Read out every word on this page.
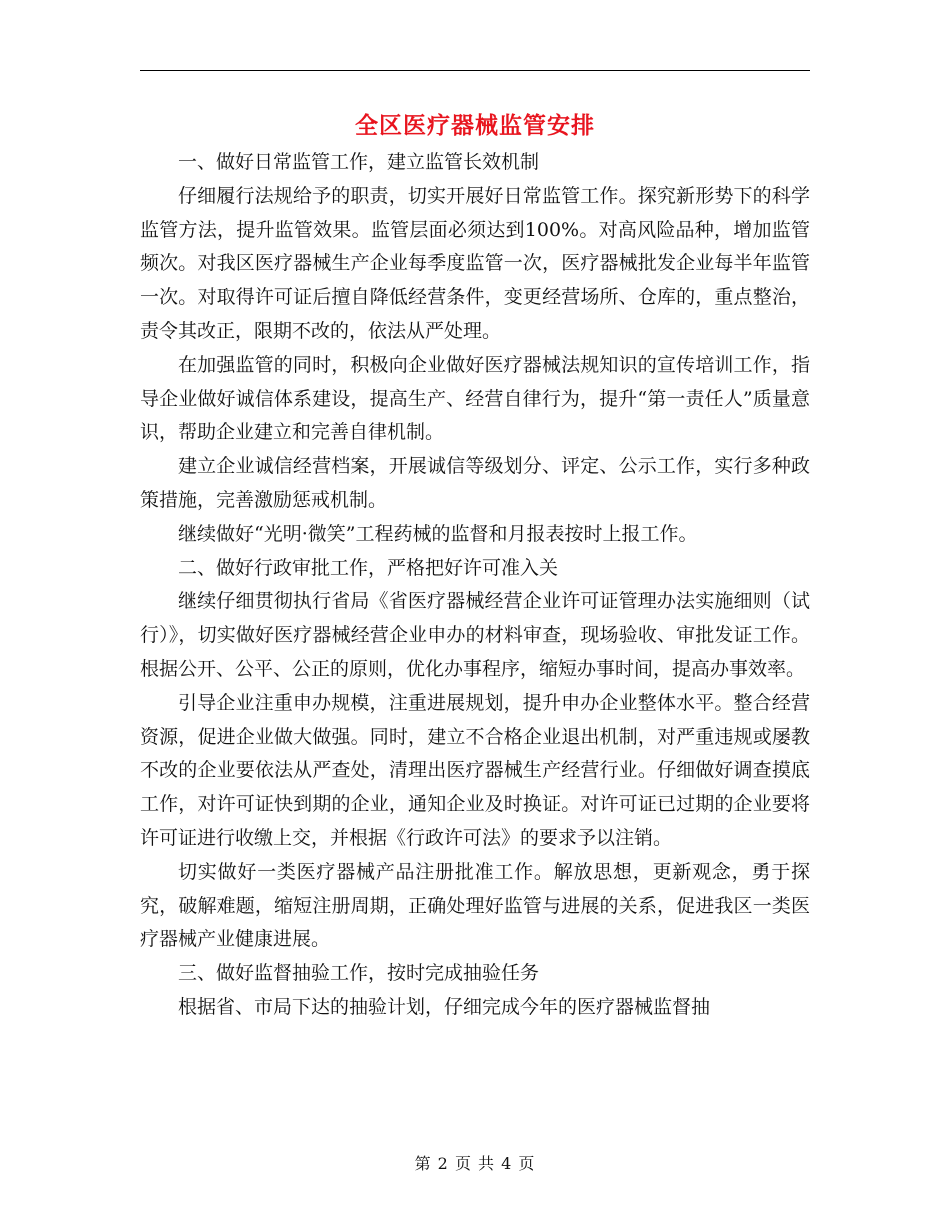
全区医疗器械监管安排

一、做好日常监管工作，建立监管长效机制

仔细履行法规给予的职责，切实开展好日常监管工作。探究新形势下的科学监管方法，提升监管效果。监管层面必须达到100%。对高风险品种，增加监管频次。对我区医疗器械生产企业每季度监管一次，医疗器械批发企业每半年监管一次。对取得许可证后擅自降低经营条件，变更经营场所、仓库的，重点整治，责令其改正，限期不改的，依法从严处理。

在加强监管的同时，积极向企业做好医疗器械法规知识的宣传培训工作，指导企业做好诚信体系建设，提高生产、经营自律行为，提升“第一责任人”质量意识，帮助企业建立和完善自律机制。

建立企业诚信经营档案，开展诚信等级划分、评定、公示工作，实行多种政策措施，完善激励惩戒机制。

继续做好“光明·微笑”工程药械的监督和月报表按时上报工作。

二、做好行政审批工作，严格把好许可准入关

继续仔细贯彻执行省局《省医疗器械经营企业许可证管理办法实施细则（试行）》，切实做好医疗器械经营企业申办的材料审查，现场验收、审批发证工作。根据公开、公平、公正的原则，优化办事程序，缩短办事时间，提高办事效率。

引导企业注重申办规模，注重进展规划，提升申办企业整体水平。整合经营资源，促进企业做大做强。同时，建立不合格企业退出机制，对严重违规或屡教不改的企业要依法从严查处，清理出医疗器械生产经营行业。仔细做好调查摸底工作，对许可证快到期的企业，通知企业及时换证。对许可证已过期的企业要将许可证进行收缴上交，并根据《行政许可法》的要求予以注销。

切实做好一类医疗器械产品注册批准工作。解放思想，更新观念，勇于探究，破解难题，缩短注册周期，正确处理好监管与进展的关系，促进我区一类医疗器械产业健康进展。

三、做好监督抽验工作，按时完成抽验任务

根据省、市局下达的抽验计划，仔细完成今年的医疗器械监督抽

第 2 页 共 4 页
